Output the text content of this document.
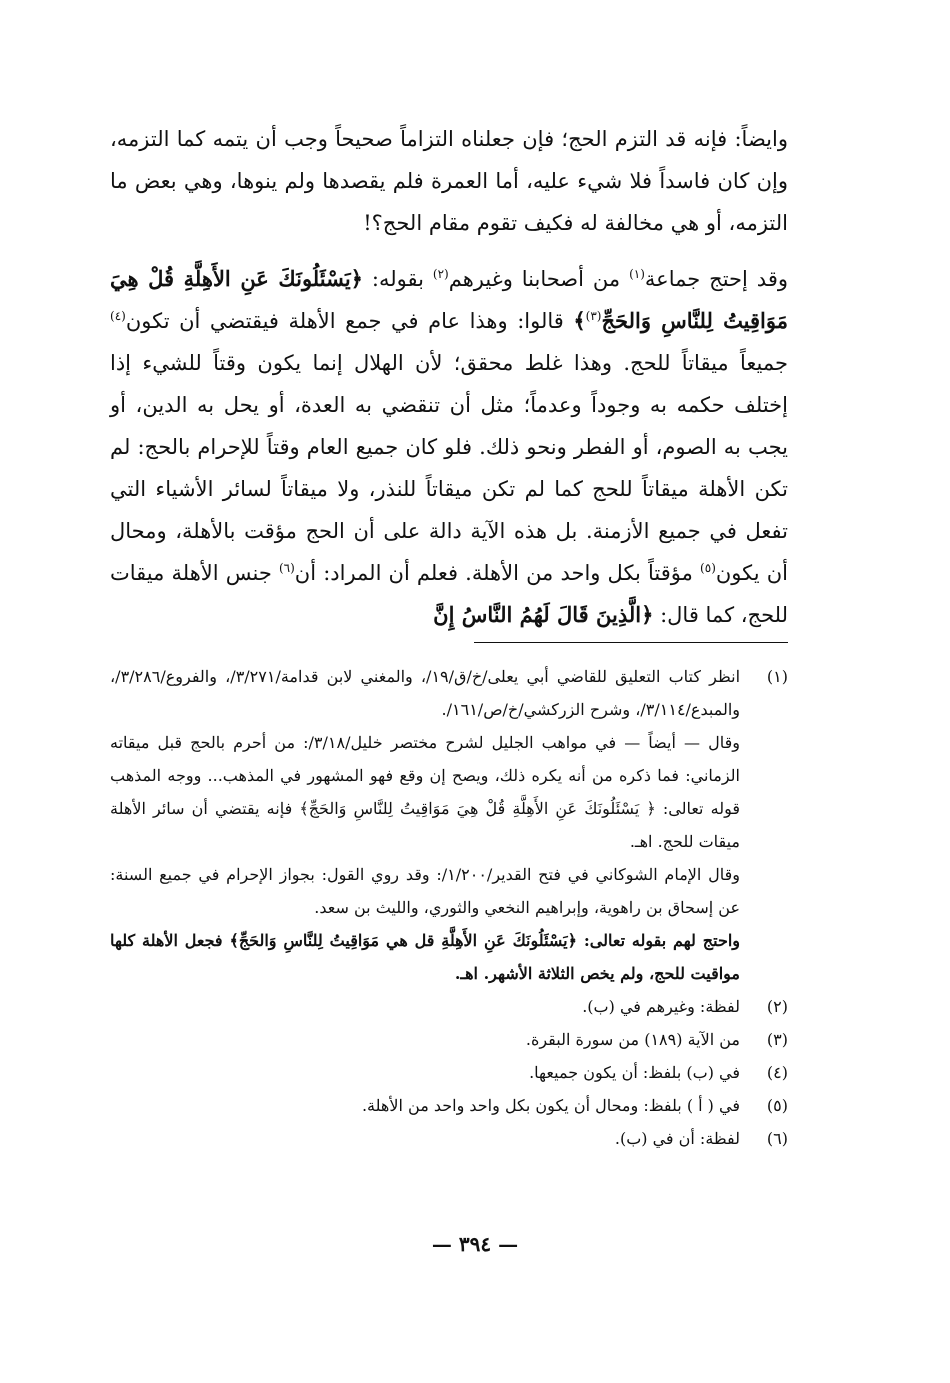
وايضاً: فإنه قد التزم الحج؛ فإن جعلناه التزاماً صحيحاً وجب أن يتمه كما التزمه، وإن كان فاسداً فلا شيء عليه، أما العمرة فلم يقصدها ولم ينوها، وهي بعض ما التزمه، أو هي مخالفة له فكيف تقوم مقام الحج؟!

وقد إحتج جماعة$^{(١)}$ من أصحابنا وغيرهم$^{(٢)}$ بقوله: ﴿يَسْئَلُونَكَ عَنِ الأَهِلَّةِ قُلْ هِيَ مَوَاقِيتُ لِلنَّاسِ وَالحَجِّ$^{(٣)}$﴾ قالوا: وهذا عام في جمع الأهلة فيقتضي أن تكون$^{(٤)}$ جميعاً ميقاتاً للحج. وهذا غلط محقق؛ لأن الهلال إنما يكون وقتاً للشيء إذا إختلف حكمه به وجوداً وعدماً؛ مثل أن تنقضي به العدة، أو يحل به الدين، أو يجب به الصوم، أو الفطر ونحو ذلك. فلو كان جميع العام وقتاً للإحرام بالحج: لم تكن الأهلة ميقاتاً للحج كما لم تكن ميقاتاً للنذر، ولا ميقاتاً لسائر الأشياء التي تفعل في جميع الأزمنة. بل هذه الآية دالة على أن الحج مؤقت بالأهلة، ومحال أن يكون$^{(٥)}$ مؤقتاً بكل واحد من الأهلة. فعلم أن المراد: أن$^{(٦)}$ جنس الأهلة ميقات للحج، كما قال: ﴿الَّذِينَ قَالَ لَهُمُ النَّاسُ إِنَّ

(١)
انظر كتاب التعليق للقاضي أبي يعلى/خ/ق/١٩/، والمغني لابن قدامة/٣/٢٧١/، والفروع/٣/٢٨٦/، والمبدع/٣/١١٤/، وشرح الزركشي/خ/ص/١٦١/.
وقال — أيضاً — في مواهب الجليل لشرح مختصر خليل/٣/١٨/: من أحرم بالحج قبل ميقاته الزماني: فما ذكره من أنه يكره ذلك، ويصح إن وقع فهو المشهور في المذهب... ووجه المذهب قوله تعالى: ﴿ يَسْئَلُونَكَ عَنِ الأَهِلَّةِ قُلْ هِيَ مَوَاقِيتُ لِلنَّاسِ وَالحَجِّ﴾ فإنه يقتضي أن سائر الأهلة ميقات للحج. اهـ.
وقال الإمام الشوكاني في فتح القدير/١/٢٠٠/: وقد روي القول: بجواز الإحرام في جميع السنة: عن إسحاق بن راهوية، وإبراهيم النخعي والثوري، والليث بن سعد.
واحتج لهم بقوله تعالى: ﴿يَسْئَلُونَكَ عَنِ الأَهِلَّةِ قل هي مَوَاقِيتُ لِلنَّاسِ وَالحَجِّ﴾ فجعل الأهلة كلها مواقيت للحج، ولم يخص الثلاثة الأشهر. اهـ.
(٢)
لفظة: وغيرهم في (ب).
(٣)
من الآية (١٨٩) من سورة البقرة.
(٤)
في (ب) بلفظ: أن يكون جميعها.
(٥)
في ( أ ) بلفظ: ومحال أن يكون بكل واحد واحد من الأهلة.
(٦)
لفظة: أن في (ب).
— ٣٩٤ —
